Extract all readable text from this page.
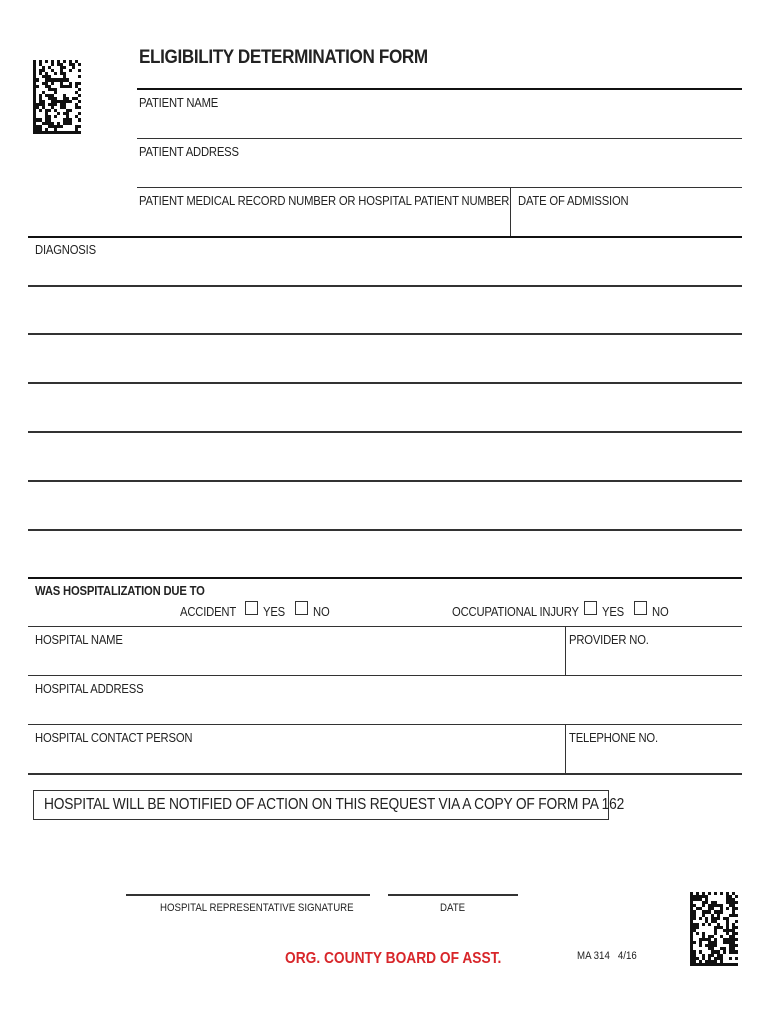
ELIGIBILITY DETERMINATION FORM
PATIENT NAME
PATIENT ADDRESS
PATIENT MEDICAL RECORD NUMBER OR HOSPITAL PATIENT NUMBER DATE OF ADMISSION
DIAGNOSIS
WAS HOSPITALIZATION DUE TO
ACCIDENT YES NO	OCCUPATIONAL INJURY YES NO
HOSPITAL NAME	PROVIDER NO.
HOSPITAL ADDRESS
HOSPITAL CONTACT PERSON	TELEPHONE NO.
HOSPITAL WILL BE NOTIFIED OF ACTION ON THIS REQUEST VIA A COPY OF FORM PA 162
HOSPITAL REPRESENTATIVE SIGNATURE	DATE
ORG. COUNTY BOARD OF ASST.	MA 314   4/16
